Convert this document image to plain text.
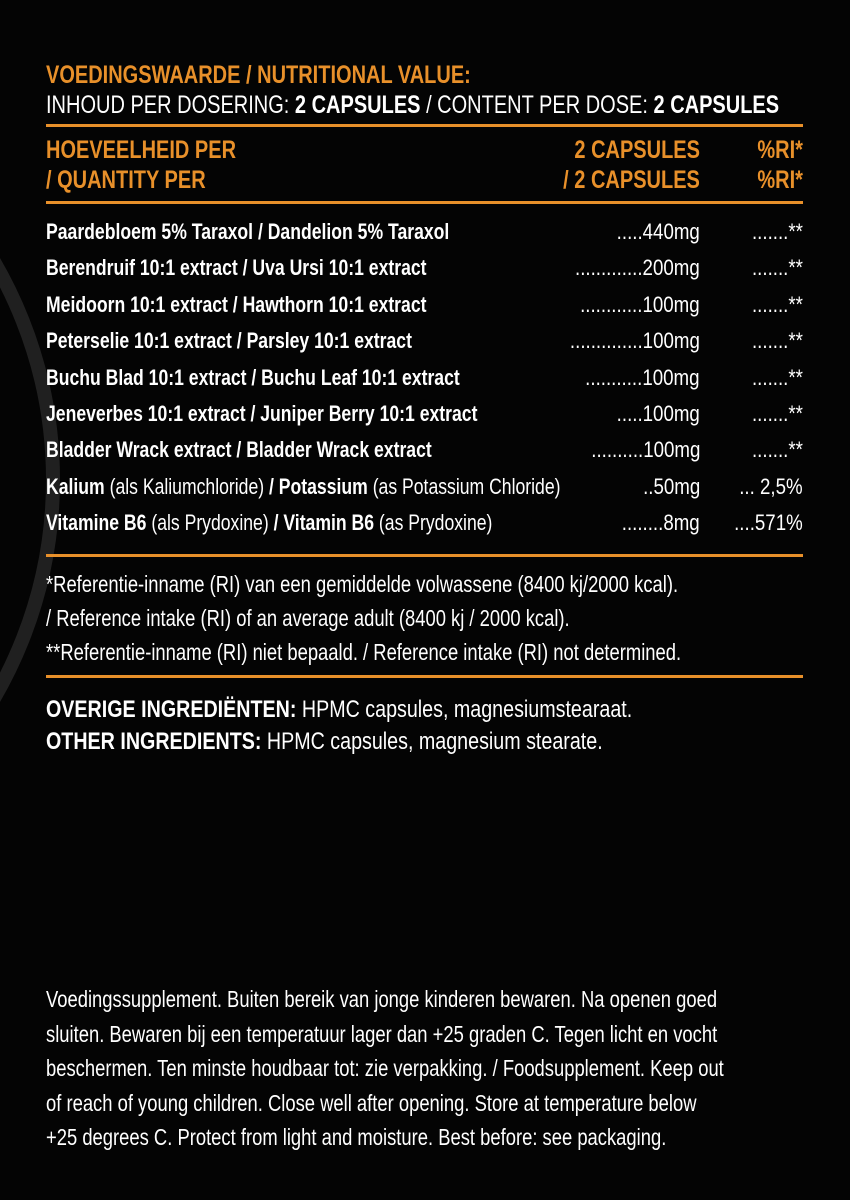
VOEDINGSWAARDE / NUTRITIONAL VALUE:
INHOUD PER DOSERING: 2 CAPSULES / CONTENT PER DOSE: 2 CAPSULES
HOEVEELHEID PER	2 CAPSULES	%RI*
/ QUANTITY PER	/ 2 CAPSULES	%RI*
Paardebloem 5% Taraxol / Dandelion 5% Taraxol	.....440mg	.......**
Berendruif 10:1 extract / Uva Ursi 10:1 extract	.............200mg	.......**
Meidoorn 10:1 extract / Hawthorn 10:1 extract	............100mg	.......**
Peterselie 10:1 extract / Parsley 10:1 extract	..............100mg	.......**
Buchu Blad 10:1 extract / Buchu Leaf 10:1 extract	...........100mg	.......**
Jeneverbes 10:1 extract / Juniper Berry 10:1 extract	.....100mg	.......**
Bladder Wrack extract / Bladder Wrack extract	..........100mg	.......**
Kalium (als Kaliumchloride) / Potassium (as Potassium Chloride)	..50mg	... 2,5%
Vitamine B6 (als Prydoxine) / Vitamin B6 (as Prydoxine)	........8mg	....571%
*Referentie-inname (RI) van een gemiddelde volwassene (8400 kj/2000 kcal).
/ Reference intake (RI) of an average adult (8400 kj / 2000 kcal).
**Referentie-inname (RI) niet bepaald. / Reference intake (RI) not determined.
OVERIGE INGREDIËNTEN: HPMC capsules, magnesiumstearaat.
OTHER INGREDIENTS: HPMC capsules, magnesium stearate.
Voedingssupplement. Buiten bereik van jonge kinderen bewaren. Na openen goed
sluiten. Bewaren bij een temperatuur lager dan +25 graden C. Tegen licht en vocht
beschermen. Ten minste houdbaar tot: zie verpakking. / Foodsupplement. Keep out
of reach of young children. Close well after opening. Store at temperature below
+25 degrees C. Protect from light and moisture. Best before: see packaging.
